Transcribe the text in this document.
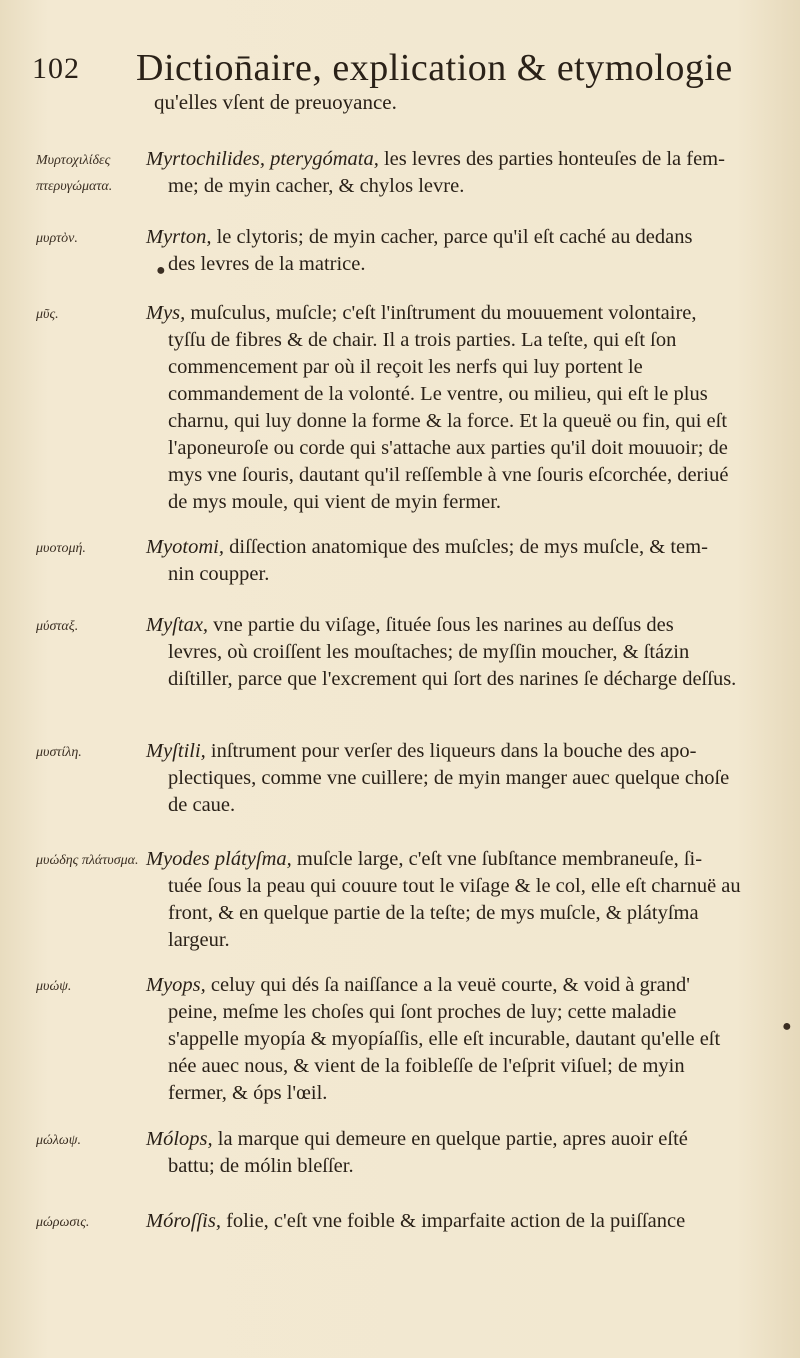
102 Diction̄aire, explication & etymologie
qu'elles vſent de preuoyance.
Μυρτοχιλίδες πτερυγώματα.
Myrtochilides, pterygómata, les levres des parties honteuſes de la fem-
me; de myin cacher, & chylos levre.
μυρτὸν.	Myrton, le clytoris; de myin cacher, parce qu'il eſt caché au dedans
des levres de la matrice.
μῦς.	Mys, muſculus, muſcle; c'eſt l'inſtrument du mouuement volontaire,
tyſſu de fibres & de chair. Il a trois parties. La teſte, qui eſt ſon commencement par où il reçoit les nerfs qui luy portent le commandement de la volonté. Le ventre, ou milieu, qui eſt le plus charnu, qui luy donne la forme & la force. Et la queuë ou fin, qui eſt l'aponeuroſe ou corde qui s'attache aux parties qu'il doit mouuoir; de mys vne ſouris, dautant qu'il reſſemble à vne ſouris eſcorchée, deriué de mys moule, qui vient de myin fermer.
μυοτομή.	Myotomi, diſſection anatomique des muſcles; de mys muſcle, & tem-
nin coupper.
μύσταξ.	Myſtax, vne partie du viſage, ſituée ſous les narines au deſſus des
levres, où croiſſent les mouſtaches; de myſſin moucher, & ſtázin diſtiller, parce que l'excrement qui ſort des narines ſe décharge deſſus.
μυστίλη.	Myſtili, inſtrument pour verſer des liqueurs dans la bouche des apo-
plectiques, comme vne cuillere; de myin manger auec quelque choſe de caue.
μυώδης πλάτυσμα. Myodes plátyſma, muſcle large, c'eſt vne ſubſtance membraneuſe, ſi-
tuée ſous la peau qui couure tout le viſage & le col, elle eſt charnuë au front, & en quelque partie de la teſte; de mys muſcle, & plátyſma largeur.
μυώψ.	Myops, celuy qui dés ſa naiſſance a la veuë courte, & void à grand'
peine, meſme les choſes qui ſont proches de luy; cette maladie s'appelle myopía & myopíaſſis, elle eſt incurable, dautant qu'elle eſt née auec nous, & vient de la foibleſſe de l'eſprit viſuel; de myin fermer, & óps l'œil.
μώλωψ.	Mólops, la marque qui demeure en quelque partie, apres auoir eſté
battu; de mólin bleſſer.
μώρωσις.	Móroſſis, folie, c'eſt vne foible & imparfaite action de la puiſſance
●
●
